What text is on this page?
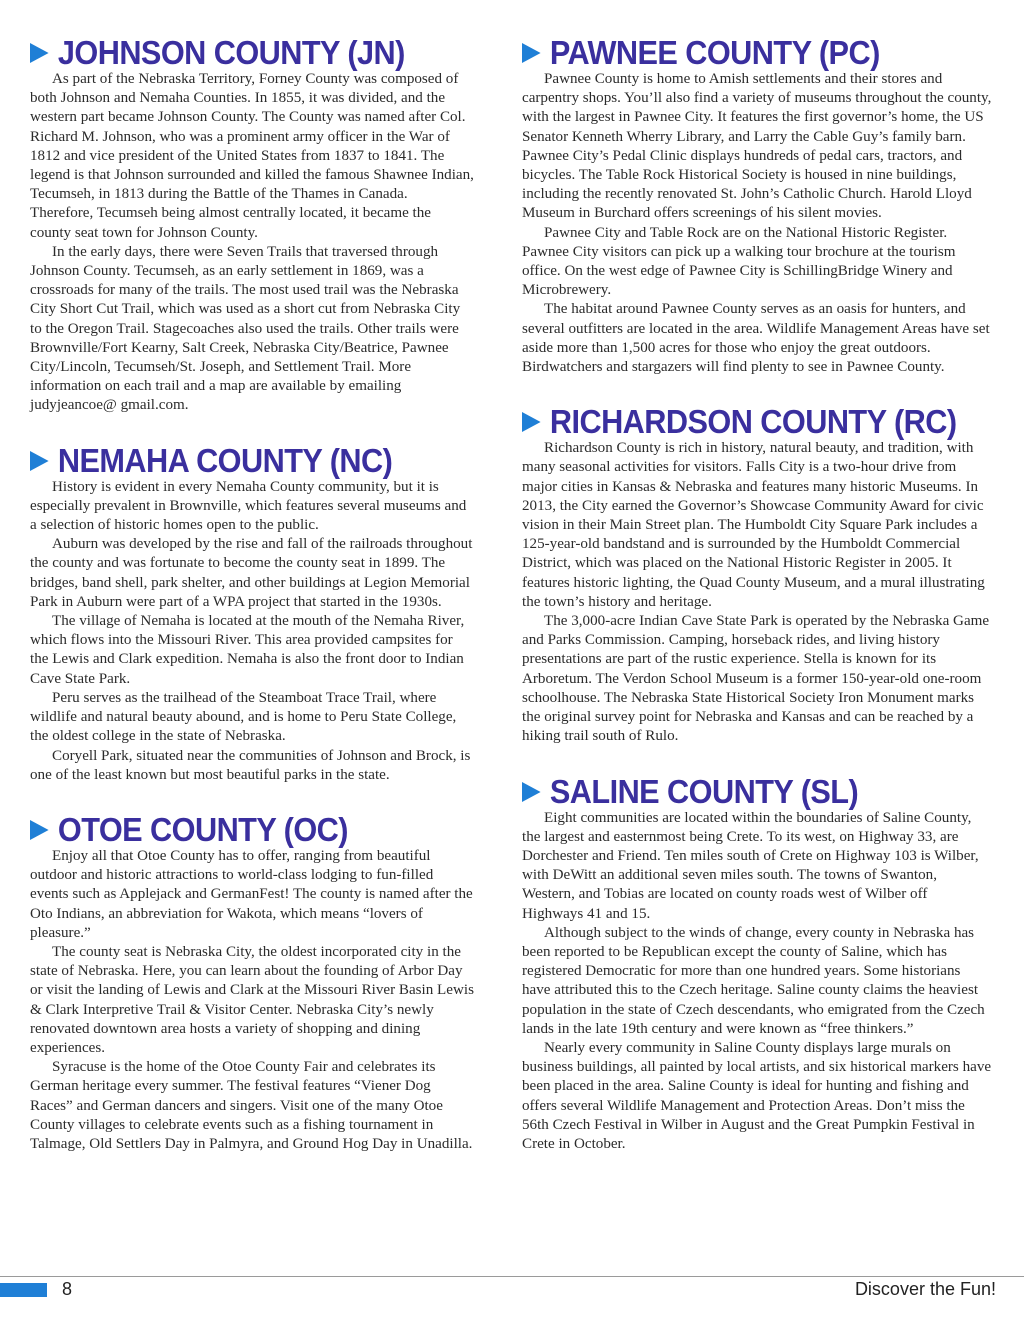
JOHNSON COUNTY (JN)

As part of the Nebraska Territory, Forney County was composed of both Johnson and Nemaha Counties. In 1855, it was divided, and the western part became Johnson County. The County was named after Col. Richard M. Johnson, who was a prominent army officer in the War of 1812 and vice president of the United States from 1837 to 1841. The legend is that Johnson surrounded and killed the famous Shawnee Indian, Tecumseh, in 1813 during the Battle of the Thames in Canada. Therefore, Tecumseh being almost centrally located, it became the county seat town for Johnson County.

In the early days, there were Seven Trails that traversed through Johnson County. Tecumseh, as an early settlement in 1869, was a crossroads for many of the trails. The most used trail was the Nebraska City Short Cut Trail, which was used as a short cut from Nebraska City to the Oregon Trail. Stagecoaches also used the trails. Other trails were Brownville/Fort Kearny, Salt Creek, Nebraska City/Beatrice, Pawnee City/Lincoln, Tecumseh/St. Joseph, and Settlement Trail. More information on each trail and a map are available by emailing judyjeancoe@ gmail.com.

NEMAHA COUNTY (NC)

History is evident in every Nemaha County community, but it is especially prevalent in Brownville, which features several museums and a selection of historic homes open to the public.

Auburn was developed by the rise and fall of the railroads throughout the county and was fortunate to become the county seat in 1899. The bridges, band shell, park shelter, and other buildings at Legion Memorial Park in Auburn were part of a WPA project that started in the 1930s.

The village of Nemaha is located at the mouth of the Nemaha River, which flows into the Missouri River. This area provided campsites for the Lewis and Clark expedition. Nemaha is also the front door to Indian Cave State Park.

Peru serves as the trailhead of the Steamboat Trace Trail, where wildlife and natural beauty abound, and is home to Peru State College, the oldest college in the state of Nebraska.

Coryell Park, situated near the communities of Johnson and Brock, is one of the least known but most beautiful parks in the state.

OTOE COUNTY (OC)

Enjoy all that Otoe County has to offer, ranging from beautiful outdoor and historic attractions to world-class lodging to fun-filled events such as Applejack and GermanFest! The county is named after the Oto Indians, an abbreviation for Wakota, which means “lovers of pleasure.”

The county seat is Nebraska City, the oldest incorporated city in the state of Nebraska. Here, you can learn about the founding of Arbor Day or visit the landing of Lewis and Clark at the Missouri River Basin Lewis & Clark Interpretive Trail & Visitor Center. Nebraska City’s newly renovated downtown area hosts a variety of shopping and dining experiences.

Syracuse is the home of the Otoe County Fair and celebrates its German heritage every summer. The festival features “Viener Dog Races” and German dancers and singers. Visit one of the many Otoe County villages to celebrate events such as a fishing tournament in Talmage, Old Settlers Day in Palmyra, and Ground Hog Day in Unadilla.

PAWNEE COUNTY (PC)

Pawnee County is home to Amish settlements and their stores and carpentry shops. You’ll also find a variety of museums throughout the county, with the largest in Pawnee City. It features the first governor’s home, the US Senator Kenneth Wherry Library, and Larry the Cable Guy’s family barn. Pawnee City’s Pedal Clinic displays hundreds of pedal cars, tractors, and bicycles. The Table Rock Historical Society is housed in nine buildings, including the recently renovated St. John’s Catholic Church. Harold Lloyd Museum in Burchard offers screenings of his silent movies.

Pawnee City and Table Rock are on the National Historic Register. Pawnee City visitors can pick up a walking tour brochure at the tourism office. On the west edge of Pawnee City is SchillingBridge Winery and Microbrewery.

The habitat around Pawnee County serves as an oasis for hunters, and several outfitters are located in the area. Wildlife Management Areas have set aside more than 1,500 acres for those who enjoy the great outdoors. Birdwatchers and stargazers will find plenty to see in Pawnee County.

RICHARDSON COUNTY (RC)

Richardson County is rich in history, natural beauty, and tradition, with many seasonal activities for visitors. Falls City is a two-hour drive from major cities in Kansas & Nebraska and features many historic Museums. In 2013, the City earned the Governor’s Showcase Community Award for civic vision in their Main Street plan. The Humboldt City Square Park includes a 125-year-old bandstand and is surrounded by the Humboldt Commercial District, which was placed on the National Historic Register in 2005. It features historic lighting, the Quad County Museum, and a mural illustrating the town’s history and heritage.

The 3,000-acre Indian Cave State Park is operated by the Nebraska Game and Parks Commission. Camping, horseback rides, and living history presentations are part of the rustic experience. Stella is known for its Arboretum. The Verdon School Museum is a former 150-year-old one-room schoolhouse. The Nebraska State Historical Society Iron Monument marks the original survey point for Nebraska and Kansas and can be reached by a hiking trail south of Rulo.

SALINE COUNTY (SL)

Eight communities are located within the boundaries of Saline County, the largest and easternmost being Crete. To its west, on Highway 33, are Dorchester and Friend. Ten miles south of Crete on Highway 103 is Wilber, with DeWitt an additional seven miles south. The towns of Swanton, Western, and Tobias are located on county roads west of Wilber off Highways 41 and 15.

Although subject to the winds of change, every county in Nebraska has been reported to be Republican except the county of Saline, which has registered Democratic for more than one hundred years. Some historians have attributed this to the Czech heritage. Saline county claims the heaviest population in the state of Czech descendants, who emigrated from the Czech lands in the late 19th century and were known as “free thinkers.”

Nearly every community in Saline County displays large murals on business buildings, all painted by local artists, and six historical markers have been placed in the area. Saline County is ideal for hunting and fishing and offers several Wildlife Management and Protection Areas. Don’t miss the 56th Czech Festival in Wilber in August and the Great Pumpkin Festival in Crete in October.

8	Discover the Fun!
